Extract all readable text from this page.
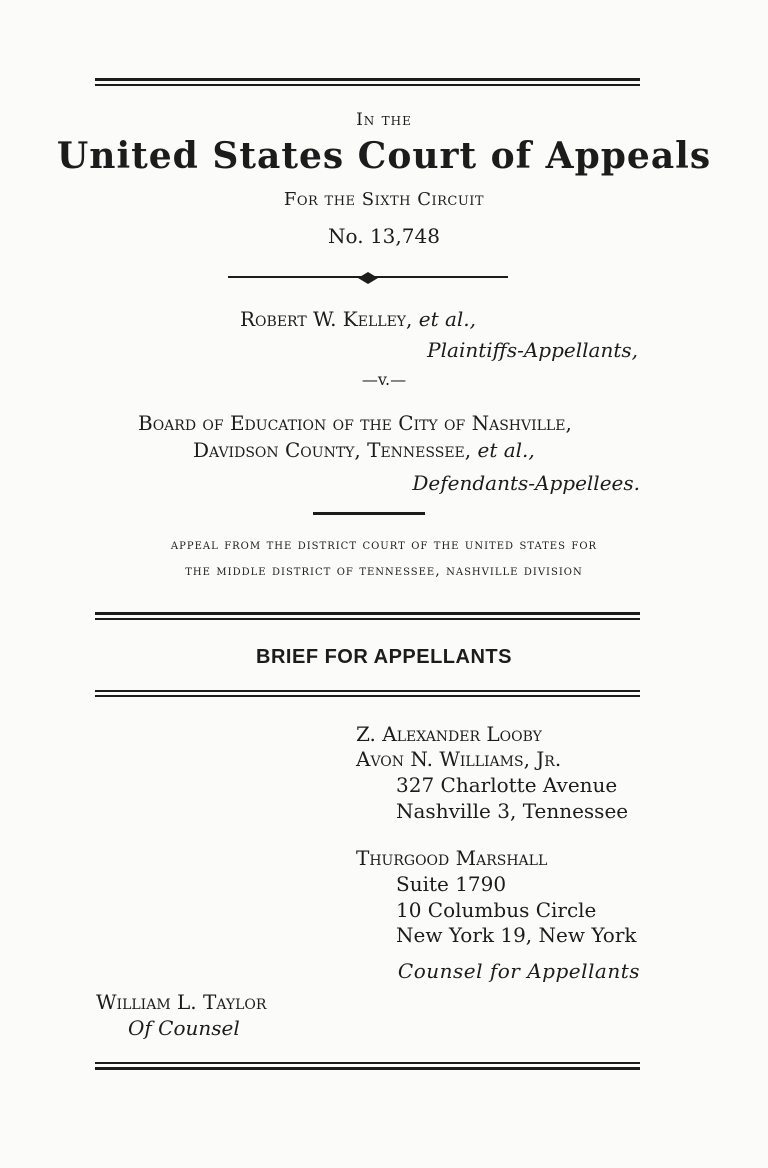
In the
United States Court of Appeals
For the Sixth Circuit
No. 13,748
Robert W. Kelley, et al.,
Plaintiffs-Appellants,
—v.—
Board of Education of the City of Nashville,
Davidson County, Tennessee, et al.,
Defendants-Appellees.
appeal from the district court of the united states for
the middle district of tennessee, nashville division
BRIEF FOR APPELLANTS
Z. Alexander Looby
Avon N. Williams, Jr.
327 Charlotte Avenue
Nashville 3, Tennessee
Thurgood Marshall
Suite 1790
10 Columbus Circle
New York 19, New York
Counsel for Appellants
William L. Taylor
Of Counsel
